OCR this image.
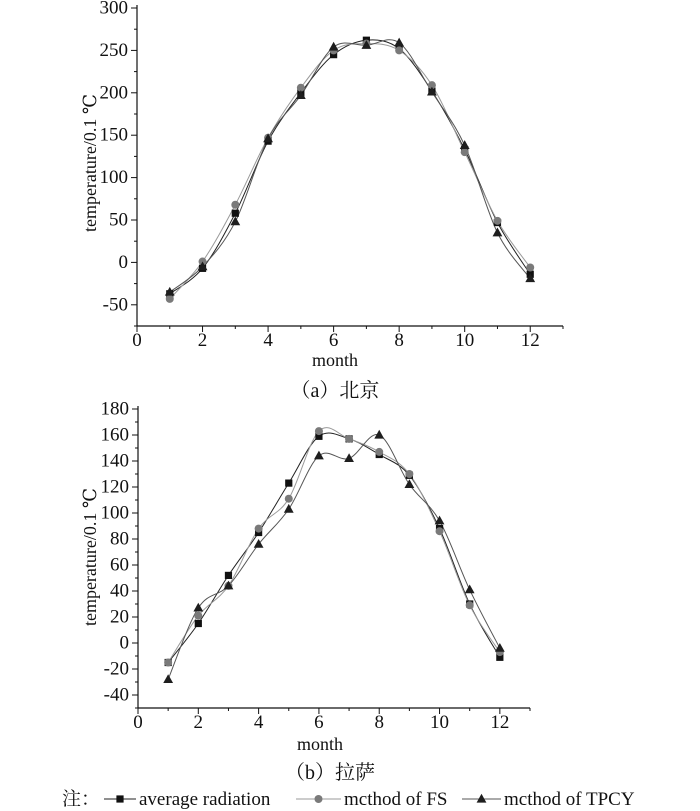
0	2	4	6	8	10 12
-50
0
50
100
150
200
250
300
temperature/0.1 ℃
month
（a）北京
0	2	4	6	8 10 12
-40
-20
0
20
40
60
80
100
120
140
160
180
temperature/0.1 ℃
month
（b）拉萨
注： average radiation	mcthod of FS	mcthod of TPCY
